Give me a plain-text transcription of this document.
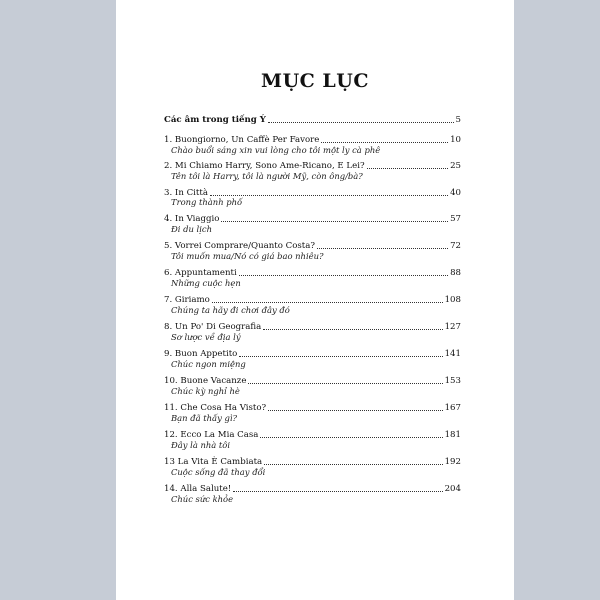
MỤC LỤC
Các âm trong tiếng Ý	5
1. Buongiorno, Un Caffè Per Favore	10
Chào buổi sáng xin vui lòng cho tôi một ly cà phê
2. Mi Chiamo Harry, Sono Ame-Ricano, E Lei?	25
Tên tôi là Harry, tôi là người Mỹ, còn ông/bà?
3. In Città	40
Trong thành phố
4. In Viaggio	57
Đi du lịch
5. Vorrei Comprare/Quanto Costa?	72
Tôi muốn mua/Nó có giá bao nhiêu?
6. Appuntamenti	88
Những cuộc hẹn
7. Giriamo	108
Chúng ta hãy đi chơi đây đó
8. Un Po' Di Geografia	127
Sơ lược về địa lý
9. Buon Appetito	141
Chúc ngon miệng
10. Buone Vacanze	153
Chúc kỳ nghỉ hè
11. Che Cosa Ha Visto?	167
Bạn đã thấy gì?
12. Ecco La Mia Casa	181
Đây là nhà tôi
13 La Vita È Cambiata	192
Cuộc sống đã thay đổi
14. Alla Salute!	204
Chúc sức khỏe
